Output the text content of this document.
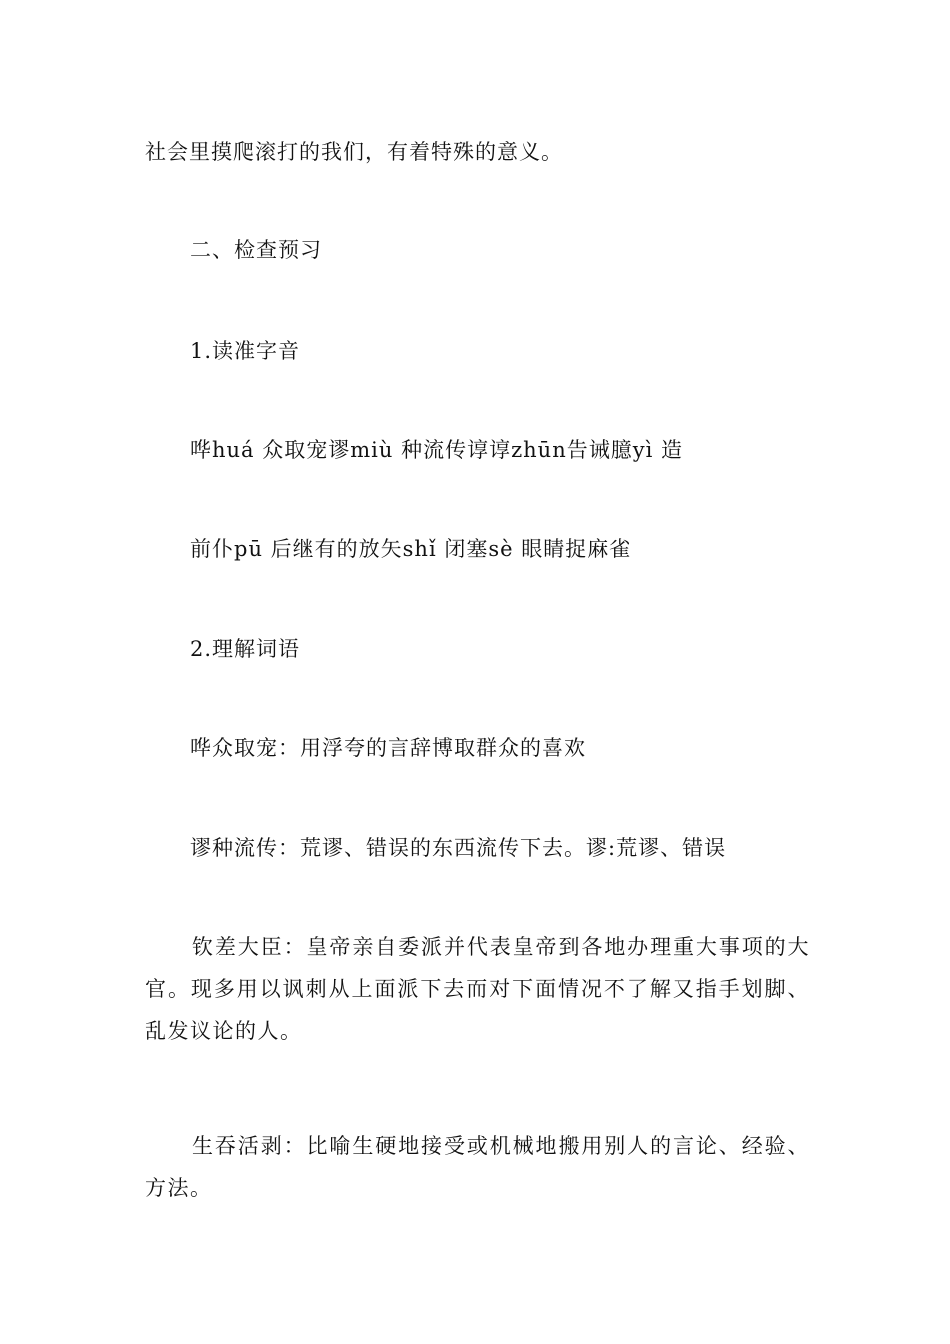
社会里摸爬滚打的我们，有着特殊的意义。
二、检查预习
1.读准字音
哗huá 众取宠谬miù 种流传谆谆zhūn告诫臆yì 造
前仆pū 后继有的放矢shǐ 闭塞sè 眼睛捉麻雀
2.理解词语
哗众取宠：用浮夸的言辞博取群众的喜欢
谬种流传：荒谬、错误的东西流传下去。谬:荒谬、错误
钦差大臣：皇帝亲自委派并代表皇帝到各地办理重大事项的大官。现多用以讽刺从上面派下去而对下面情况不了解又指手划脚、乱发议论的人。
生吞活剥：比喻生硬地接受或机械地搬用别人的言论、经验、方法。
